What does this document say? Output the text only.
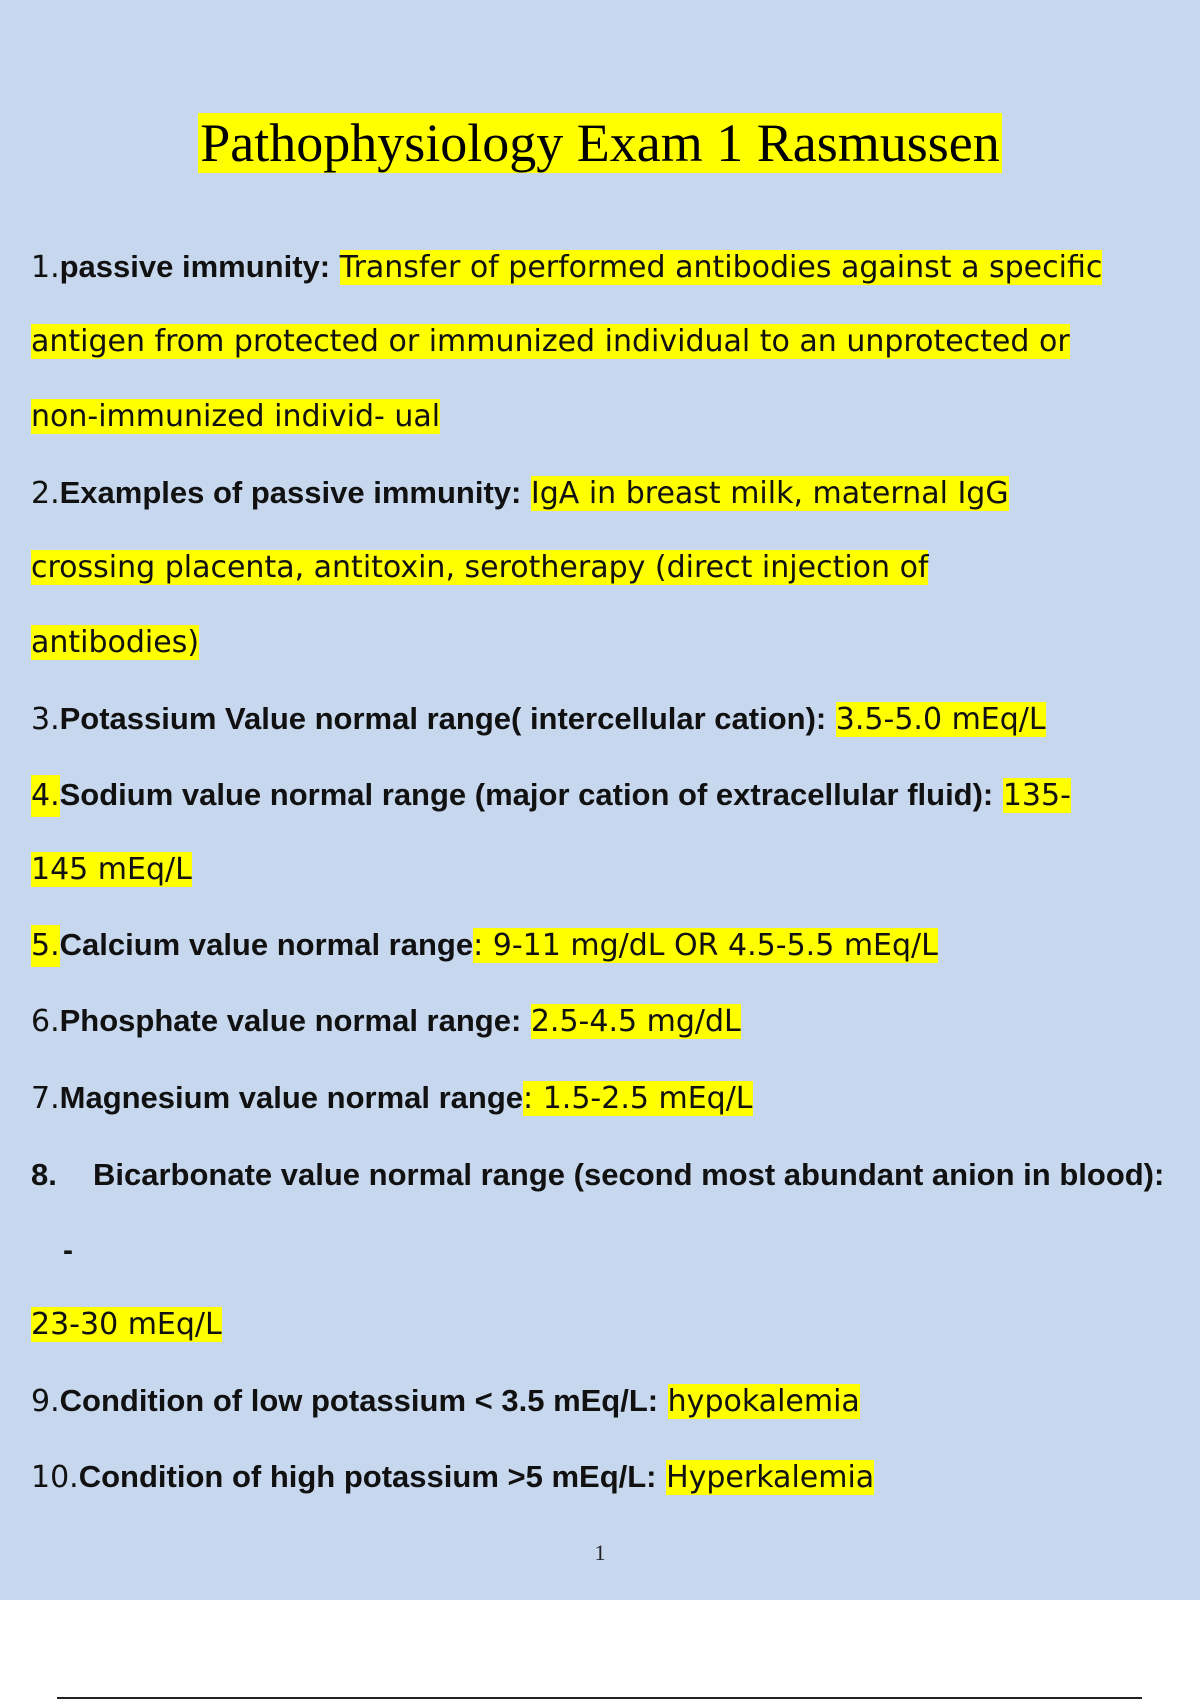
Pathophysiology Exam 1 Rasmussen
1.passive immunity: Transfer of performed antibodies against a specific
antigen from protected or immunized individual to an unprotected or
non-immunized individ- ual
2.Examples of passive immunity: IgA in breast milk, maternal IgG
crossing placenta, antitoxin, serotherapy (direct injection of
antibodies)
3.Potassium Value normal range( intercellular cation): 3.5-5.0 mEq/L
4.Sodium value normal range (major cation of extracellular fluid): 135-
145 mEq/L
5.Calcium value normal range: 9-11 mg/dL OR 4.5-5.5 mEq/L
6.Phosphate value normal range: 2.5-4.5 mg/dL
7.Magnesium value normal range: 1.5-2.5 mEq/L
8. Bicarbonate value normal range (second most abundant anion in blood):
-
23-30 mEq/L
9.Condition of low potassium < 3.5 mEq/L: hypokalemia
10.Condition of high potassium >5 mEq/L: Hyperkalemia
1
